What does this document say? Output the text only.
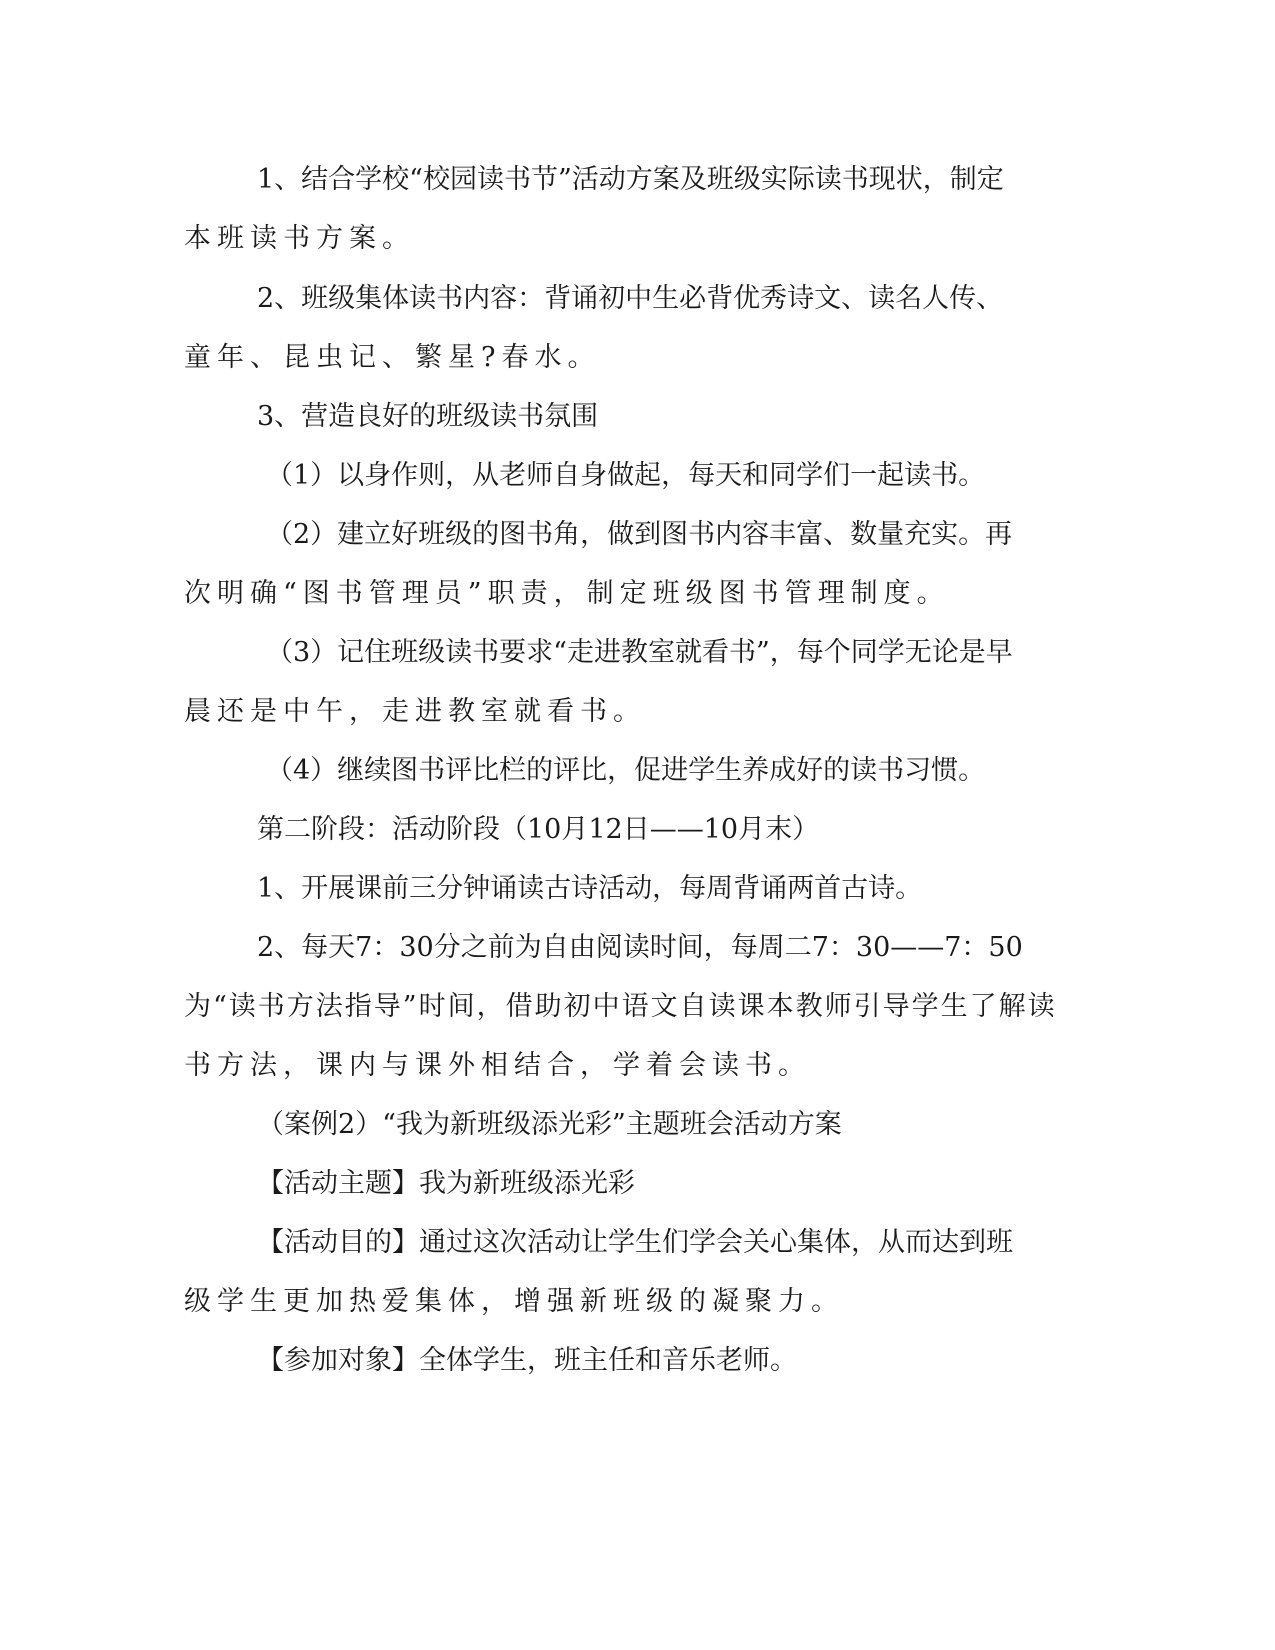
1、结合学校“校园读书节”活动方案及班级实际读书现状，制定
本班读书方案。
2、班级集体读书内容：背诵初中生必背优秀诗文、读名人传、
童年、昆虫记、繁星?春水。
3、营造良好的班级读书氛围
（1）以身作则，从老师自身做起，每天和同学们一起读书。
（2）建立好班级的图书角，做到图书内容丰富、数量充实。再
次明确“图书管理员”职责，制定班级图书管理制度。
（3）记住班级读书要求“走进教室就看书”，每个同学无论是早
晨还是中午，走进教室就看书。
（4）继续图书评比栏的评比，促进学生养成好的读书习惯。
第二阶段：活动阶段（10月12日——10月末）
1、开展课前三分钟诵读古诗活动，每周背诵两首古诗。
2、每天7：30分之前为自由阅读时间，每周二7：30——7：50
为“读书方法指导”时间，借助初中语文自读课本教师引导学生了解读
书方法，课内与课外相结合，学着会读书。
（案例2）“我为新班级添光彩”主题班会活动方案
【活动主题】我为新班级添光彩
【活动目的】通过这次活动让学生们学会关心集体，从而达到班
级学生更加热爱集体，增强新班级的凝聚力。
【参加对象】全体学生，班主任和音乐老师。
